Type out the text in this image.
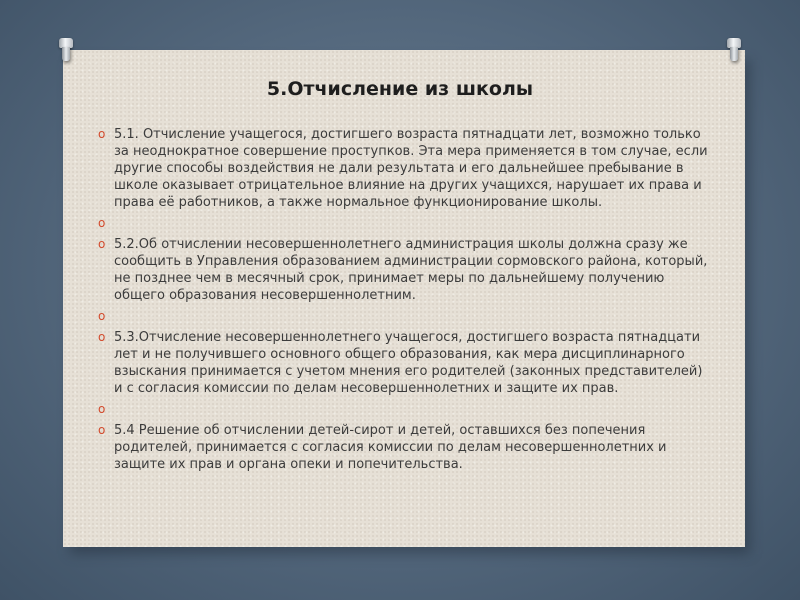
5.Отчисление из школы
o 5.1. Отчисление учащегося, достигшего возраста пятнадцати лет, возможно только за неоднократное совершение проступков. Эта мера применяется в том случае, если другие способы воздействия не дали результата и его дальнейшее пребывание в школе оказывает отрицательное влияние на других учащихся, нарушает их права и права её работников, а также нормальное функционирование школы.
o
o 5.2.Об отчислении несовершеннолетнего администрация школы должна сразу же сообщить в Управления образованием администрации сормовского района, который, не позднее чем в месячный срок, принимает меры по дальнейшему получению общего образования несовершеннолетним.
o
o 5.3.Отчисление несовершеннолетнего учащегося, достигшего возраста пятнадцати лет и не получившего основного общего образования, как мера дисциплинарного взыскания принимается с учетом мнения его родителей (законных представителей) и с согласия комиссии по делам несовершеннолетних и защите их прав.
o
o 5.4 Решение об отчислении детей-сирот и детей, оставшихся без попечения родителей, принимается с согласия комиссии по делам несовершеннолетних и защите их прав и органа опеки и попечительства.
